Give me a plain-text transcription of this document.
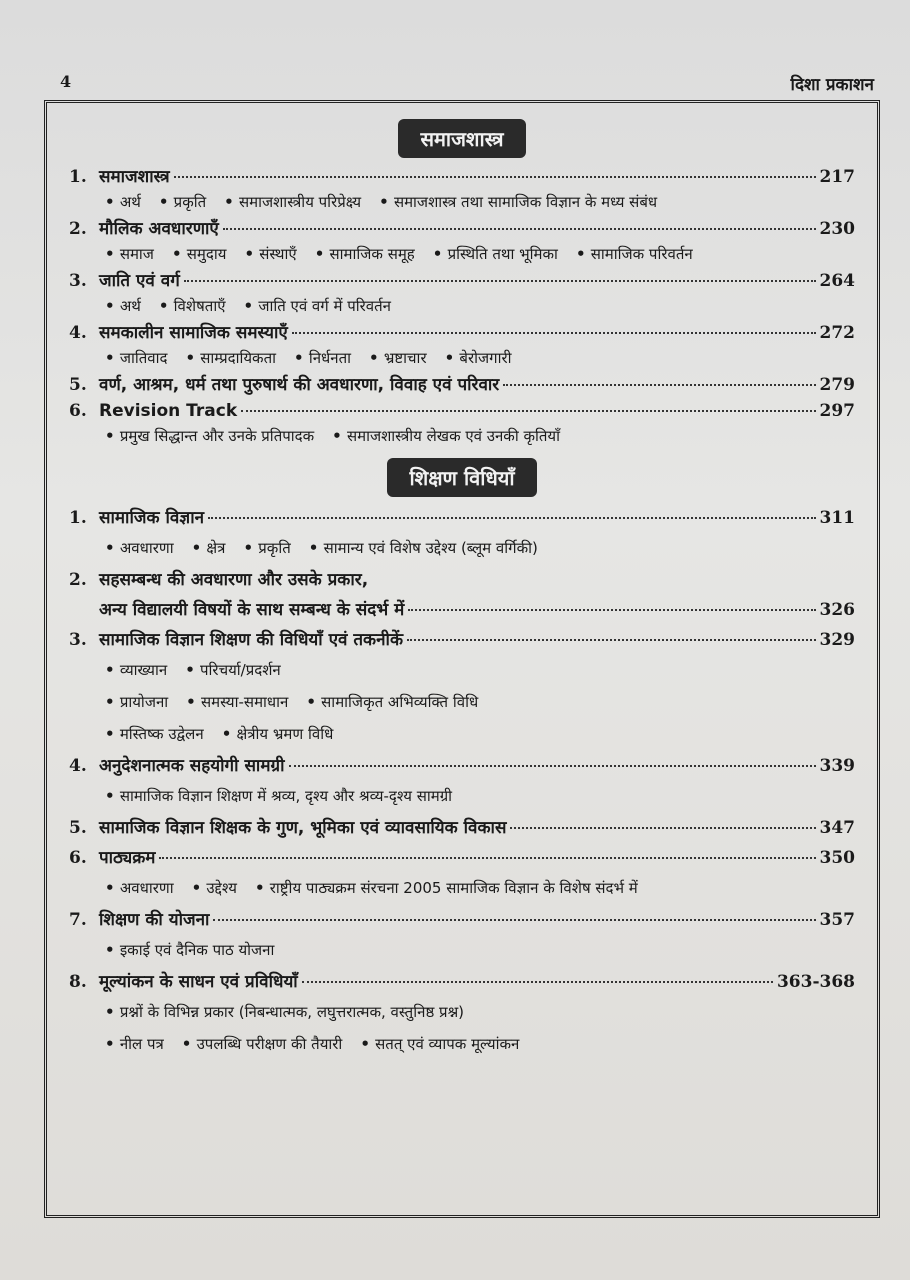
4	दिशा प्रकाशन
समाजशास्त्र
1. समाजशास्त्र	217
• अर्थ • प्रकृति • समाजशास्त्रीय परिप्रेक्ष्य • समाजशास्त्र तथा सामाजिक विज्ञान के मध्य संबंध
2. मौलिक अवधारणाएँ	230
• समाज • समुदाय • संस्थाएँ • सामाजिक समूह • प्रस्थिति तथा भूमिका • सामाजिक परिवर्तन
3. जाति एवं वर्ग	264
• अर्थ • विशेषताएँ • जाति एवं वर्ग में परिवर्तन
4. समकालीन सामाजिक समस्याएँ	272
• जातिवाद • साम्प्रदायिकता • निर्धनता • भ्रष्टाचार • बेरोजगारी
5. वर्ण, आश्रम, धर्म तथा पुरुषार्थ की अवधारणा, विवाह एवं परिवार	279
6. Revision Track	297
• प्रमुख सिद्धान्त और उनके प्रतिपादक • समाजशास्त्रीय लेखक एवं उनकी कृतियाँ
शिक्षण विधियाँ
1. सामाजिक विज्ञान	311
• अवधारणा • क्षेत्र • प्रकृति • सामान्य एवं विशेष उद्देश्य (ब्लूम वर्गिकी)
2. सहसम्बन्ध की अवधारणा और उसके प्रकार,
अन्य विद्यालयी विषयों के साथ सम्बन्ध के संदर्भ में	326
3. सामाजिक विज्ञान शिक्षण की विधियाँ एवं तकनीकें	329
• व्याख्यान • परिचर्या/प्रदर्शन
• प्रायोजना • समस्या-समाधान • सामाजिकृत अभिव्यक्ति विधि
• मस्तिष्क उद्वेलन • क्षेत्रीय भ्रमण विधि
4. अनुदेशनात्मक सहयोगी सामग्री	339
• सामाजिक विज्ञान शिक्षण में श्रव्य, दृश्य और श्रव्य-दृश्य सामग्री
5. सामाजिक विज्ञान शिक्षक के गुण, भूमिका एवं व्यावसायिक विकास	347
6. पाठ्यक्रम	350
• अवधारणा • उद्देश्य • राष्ट्रीय पाठ्यक्रम संरचना 2005 सामाजिक विज्ञान के विशेष संदर्भ में
7. शिक्षण की योजना	357
• इकाई एवं दैनिक पाठ योजना
8. मूल्यांकन के साधन एवं प्रविधियाँ	363-368
• प्रश्नों के विभिन्न प्रकार (निबन्धात्मक, लघुत्तरात्मक, वस्तुनिष्ठ प्रश्न)
• नील पत्र • उपलब्धि परीक्षण की तैयारी • सतत् एवं व्यापक मूल्यांकन
